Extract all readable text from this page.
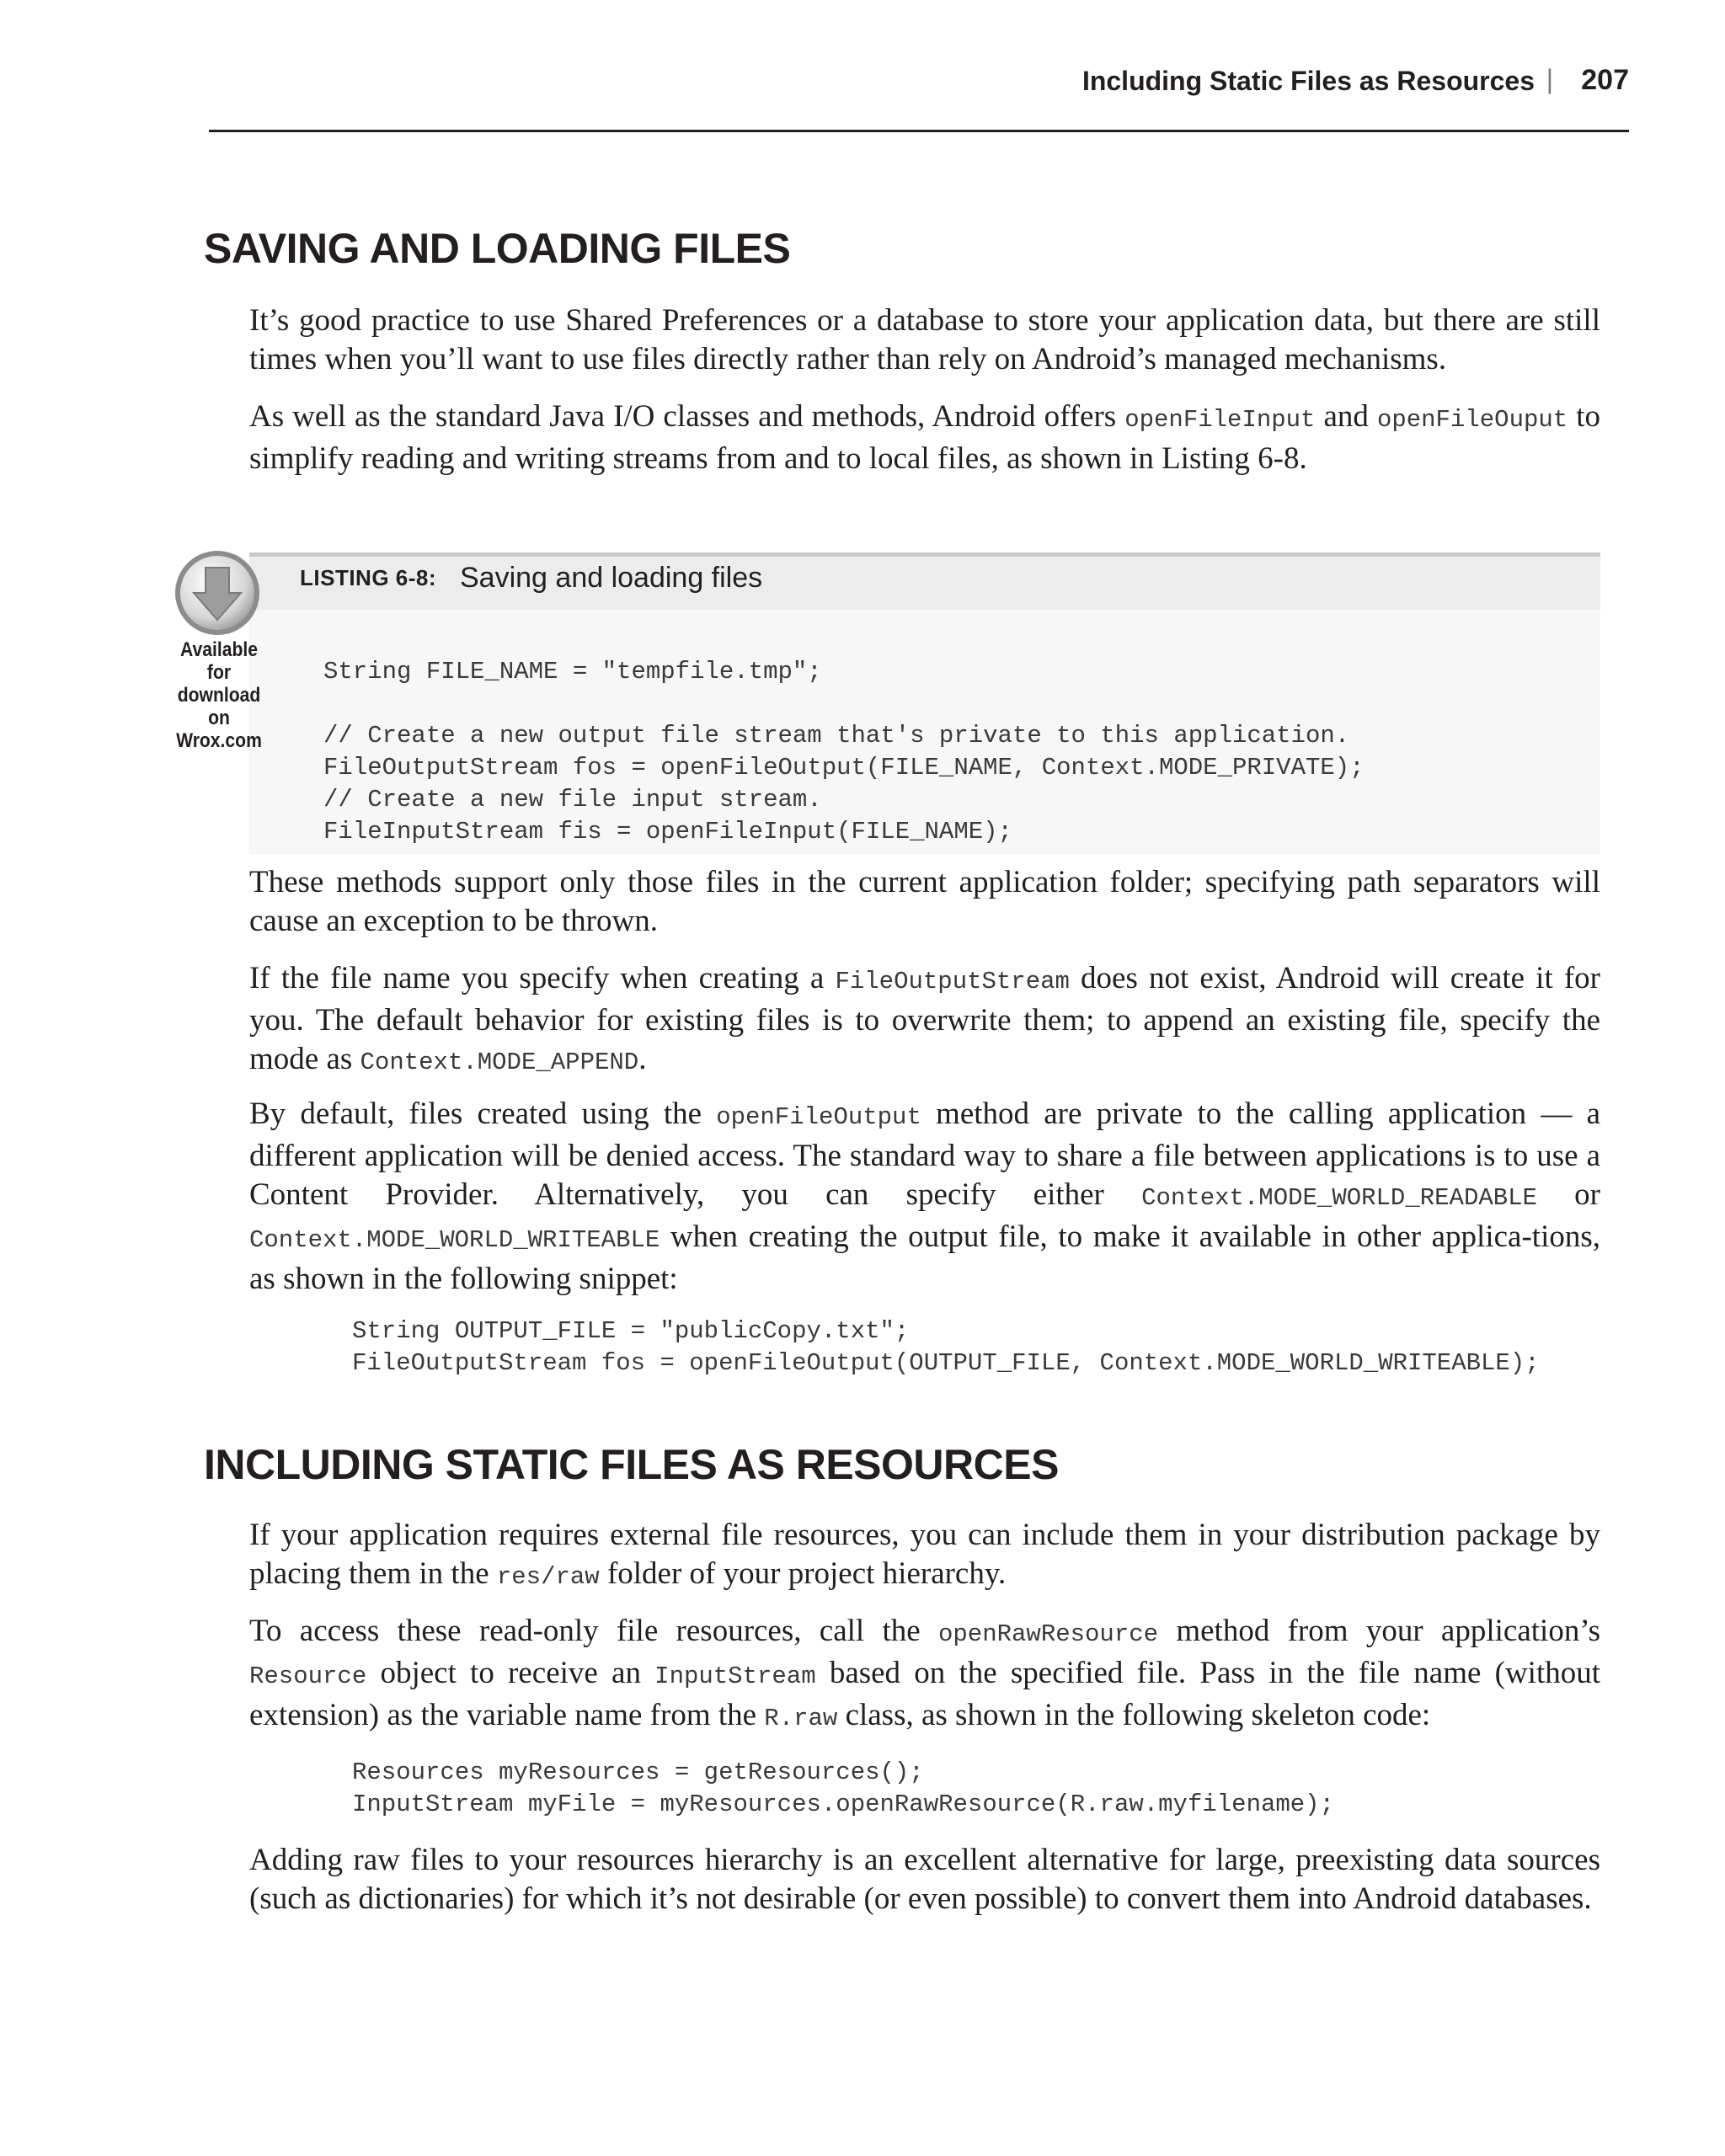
Including Static Files as Resources | 207
SAVING AND LOADING FILES

It’s good practice to use Shared Preferences or a database to store your application data, but there are still times when you’ll want to use files directly rather than rely on Android’s managed mechanisms.

As well as the standard Java I/O classes and methods, Android offers openFileInput and openFileOuput to simplify reading and writing streams from and to local files, as shown in Listing 6-8.

LISTING 6-8: Saving and loading files
Available for
download on
Wrox.com
String FILE_NAME = "tempfile.tmp";

// Create a new output file stream that's private to this application.
FileOutputStream fos = openFileOutput(FILE_NAME, Context.MODE_PRIVATE);
// Create a new file input stream.
FileInputStream fis = openFileInput(FILE_NAME);

These methods support only those files in the current application folder; specifying path separators will cause an exception to be thrown.

If the file name you specify when creating a FileOutputStream does not exist, Android will create it for you. The default behavior for existing files is to overwrite them; to append an existing file, specify the mode as Context.MODE_APPEND.

By default, files created using the openFileOutput method are private to the calling application — a different application will be denied access. The standard way to share a file between applications is to use a Content Provider. Alternatively, you can specify either Context.MODE_WORLD_READABLE or Context.MODE_WORLD_WRITEABLE when creating the output file, to make it available in other applica-tions, as shown in the following snippet:

String OUTPUT_FILE = "publicCopy.txt";
FileOutputStream fos = openFileOutput(OUTPUT_FILE, Context.MODE_WORLD_WRITEABLE);
INCLUDING STATIC FILES AS RESOURCES

If your application requires external file resources, you can include them in your distribution package by placing them in the res/raw folder of your project hierarchy.

To access these read-only file resources, call the openRawResource method from your application’s Resource object to receive an InputStream based on the specified file. Pass in the file name (without extension) as the variable name from the R.raw class, as shown in the following skeleton code:

Resources myResources = getResources();
InputStream myFile = myResources.openRawResource(R.raw.myfilename);

Adding raw files to your resources hierarchy is an excellent alternative for large, preexisting data sources (such as dictionaries) for which it’s not desirable (or even possible) to convert them into Android databases.
